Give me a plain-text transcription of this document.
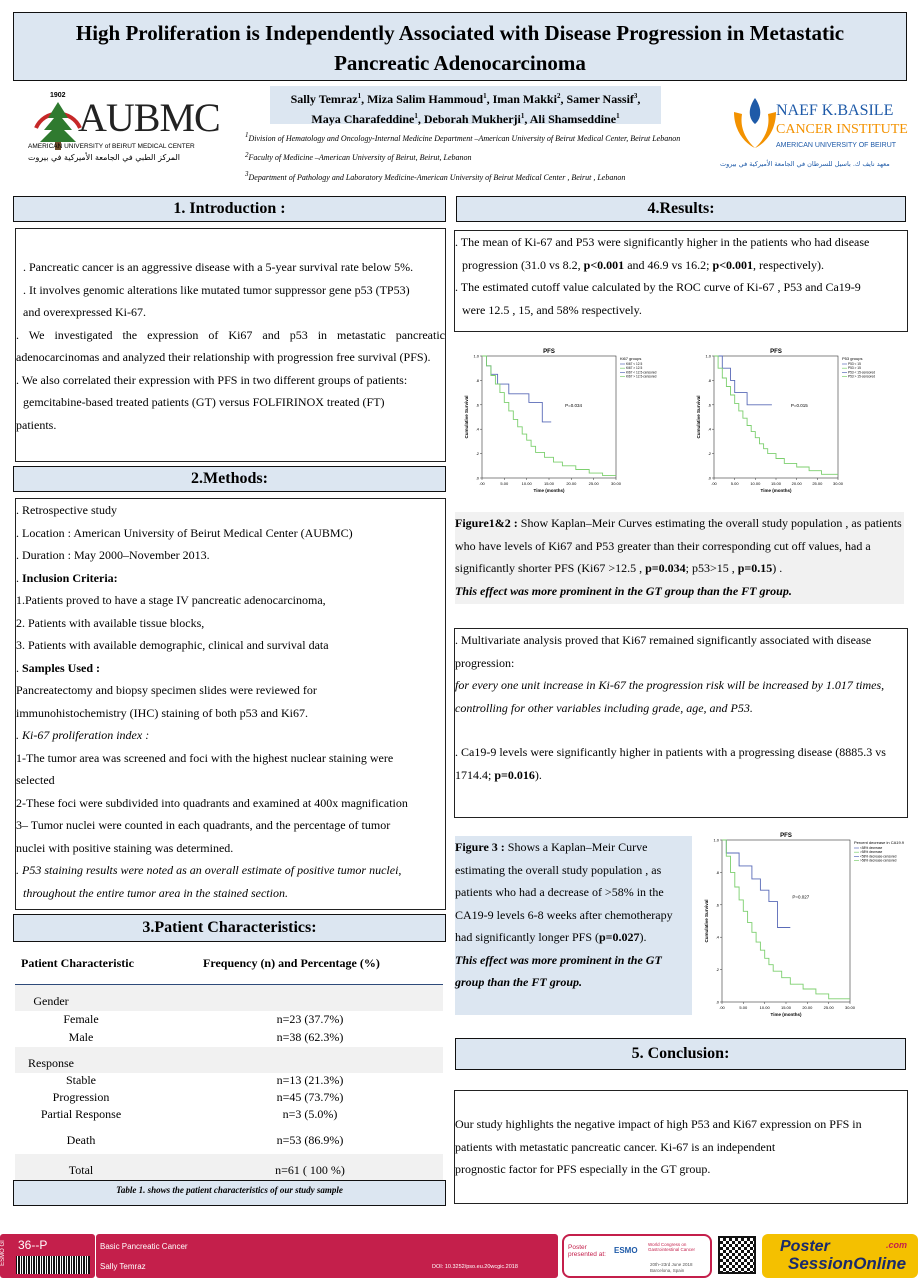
High Proliferation is Independently Associated with Disease Progression in Metastatic
Pancreatic Adenocarcinoma
1902 AUBMC
AMERICAN UNIVERSITY of BEIRUT MEDICAL CENTER
المركز الطبي في الجامعة الأميركية في بيروت
Sally Temraz$^1$, Miza Salim Hammoud$^1$, Iman Makki$^2$, Samer Nassif$^3$,
Maya Charafeddine$^1$, Deborah Mukherji$^1$, Ali Shamseddine$^1$
$^1$Division of Hematology and Oncology-Internal Medicine Department –American University of Beirut Medical Center, Beirut Lebanon
$^2$Faculty of Medicine –American University of Beirut, Beirut, Lebanon
$^3$Department of Pathology and Laboratory Medicine-American University of Beirut Medical Center , Beirut , Lebanon
NAEF K.BASILE
CANCER INSTITUTE
AMERICAN UNIVERSITY OF BEIRUT
معهد نايف ك. باسيل للسرطان في الجامعة الأميركية في بيروت
1. Introduction :

. Pancreatic cancer is an aggressive disease with a 5-year survival rate below 5%.

. It involves genomic alterations like mutated tumor suppressor gene p53 (TP53)

and overexpressed Ki-67.

. We investigated the expression of Ki67 and p53 in metastatic pancreatic adenocarcinomas and analyzed their relationship with progression free survival (PFS).

. We also correlated their expression with PFS in two different groups of patients:

gemcitabine-based treated patients (GT) versus FOLFIRINOX treated (FT)

patients.

2.Methods:

. Retrospective study

. Location : American University of Beirut Medical Center (AUBMC)

. Duration : May 2000–November 2013.

. Inclusion Criteria:

1.Patients proved to have a stage IV pancreatic adenocarcinoma,

2. Patients with available tissue blocks,

3. Patients with available demographic, clinical and survival data

. Samples Used :

Pancreatectomy and biopsy specimen slides were reviewed for

immunohistochemistry (IHC) staining of both p53 and Ki67.

. Ki-67 proliferation index :

1-The tumor area was screened and foci with the highest nuclear staining were

selected

2-These foci were subdivided into quadrants and examined at 400x magnification

3– Tumor nuclei were counted in each quadrants, and the percentage of tumor

nuclei with positive staining was determined.

. P53 staining results were noted as an overall estimate of positive tumor nuclei,

throughout the entire tumor area in the stained section.

3.Patient Characteristics:
Patient Characteristic	Frequency (n) and Percentage (%)
Gender
Female	n=23 (37.7%)
Male	n=38 (62.3%)
Response
Stable	n=13 (21.3%)
Progression	n=45 (73.7%)
Partial Response	n=3 (5.0%)
Death	n=53 (86.9%)
Total	n=61 ( 100 %)
Table 1. shows the patient characteristics of our study sample
4.Results:

. The mean of Ki-67 and P53 were significantly higher in the patients who had disease

progression (31.0 vs 8.2, p<0.001 and 46.9 vs 16.2; p<0.001, respectively).

. The estimated cutoff value calculated by the ROC curve of Ki-67 , P53 and Ca19-9

were 12.5 , 15, and 58% respectively.

PFS
.0
.2
.4
.6
.8
1.0
.00	5.00	10.00	15.00	20.00	25.00	30.00
Time (months)
Cumulative Survival	P=0.034
Ki67 groups
Ki67 < 12.5
Ki67 > 12.5
Ki67 < 12.5-censored
Ki67 > 12.5-censored
PFS
.0
.2
.4
.6
.8
1.0
.00	5.00	10.00	15.00	20.00	25.00	30.00
Time (months)
Cumulative Survival	P=0.015
P53 groups
P53 < 15
P53 > 15
P53 < 15-censored
P53 > 15-censored

Figure1&2 : Show Kaplan–Meir Curves estimating the overall study population , as patients who have levels of Ki67 and P53 greater than their corresponding cut off values, had a significantly shorter PFS (Ki67 >12.5 , p=0.034; p53>15 , p=0.15) .

This effect was more prominent in the GT group than the FT group.

. Multivariate analysis proved that Ki67 remained significantly associated with disease progression:

for every one unit increase in Ki-67 the progression risk will be increased by 1.017 times, controlling for other variables including grade, age, and P53.

. Ca19-9 levels were significantly higher in patients with a progressing disease (8885.3 vs 1714.4; p=0.016).

Figure 3 : Shows a Kaplan–Meir Curve estimating the overall study population , as patients who had a decrease of >58% in the CA19-9 levels 6-8 weeks after chemotherapy had significantly longer PFS (p=0.027).

This effect was more prominent in the GT group than the FT group.

PFS
.0
.2
.4
.6
.8
1.0
.00	5.00	10.00	15.00	20.00	25.00	30.00
Time (months)
Cumulative Survival
P=0.027
Percent decrease in CA19.9
<58% decrease
>58% decrease
<58% decrease-censored
>58% decrease-censored
5. Conclusion:

Our study highlights the negative impact of high P53 and Ki67 expression on PFS in

patients with metastatic pancreatic cancer. Ki-67 is an independent

prognostic factor for PFS especially in the GT group.

ESMO GI 36--P	Basic Pancreatic Cancer
Sally Temraz	DOI: 10.3252/pso.eu.20wcgic.2018
Poster presented at:	ESMO
World Congress on Gastrointestinal Cancer
20th–23rd June 2018
Barcelona, Spain
Poster
SessionOnline
.com
